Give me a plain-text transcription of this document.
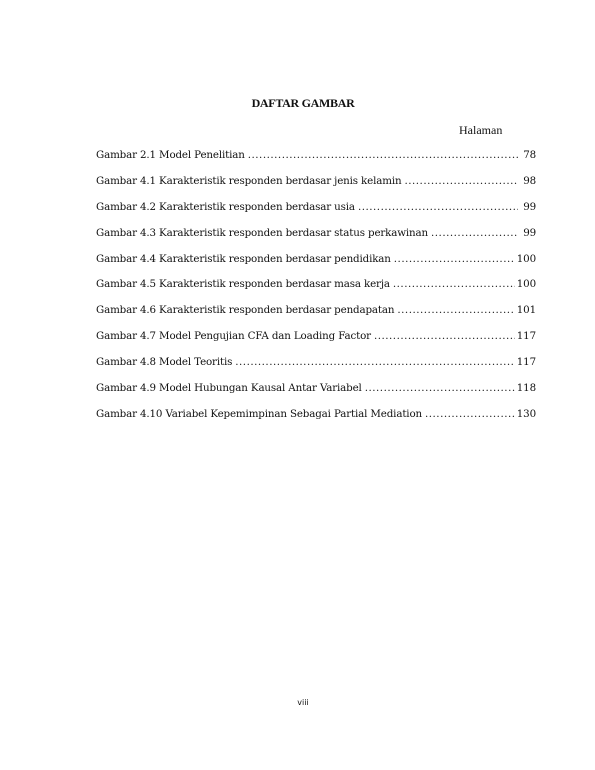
DAFTAR GAMBAR
Halaman
Gambar 2.1 Model Penelitian .....	78
Gambar 4.1 Karakteristik responden berdasar jenis kelamin .....	98
Gambar 4.2 Karakteristik responden berdasar usia .....	99
Gambar 4.3 Karakteristik responden berdasar status perkawinan .....	99
Gambar 4.4 Karakteristik responden berdasar pendidikan .....	100
Gambar 4.5 Karakteristik responden berdasar masa kerja .....	100
Gambar 4.6 Karakteristik responden berdasar pendapatan .....	101
Gambar 4.7 Model Pengujian CFA dan Loading Factor .....	117
Gambar 4.8 Model Teoritis .....	117
Gambar 4.9 Model Hubungan Kausal Antar Variabel .....	118
Gambar 4.10 Variabel Kepemimpinan Sebagai Partial Mediation .....	130
viii
